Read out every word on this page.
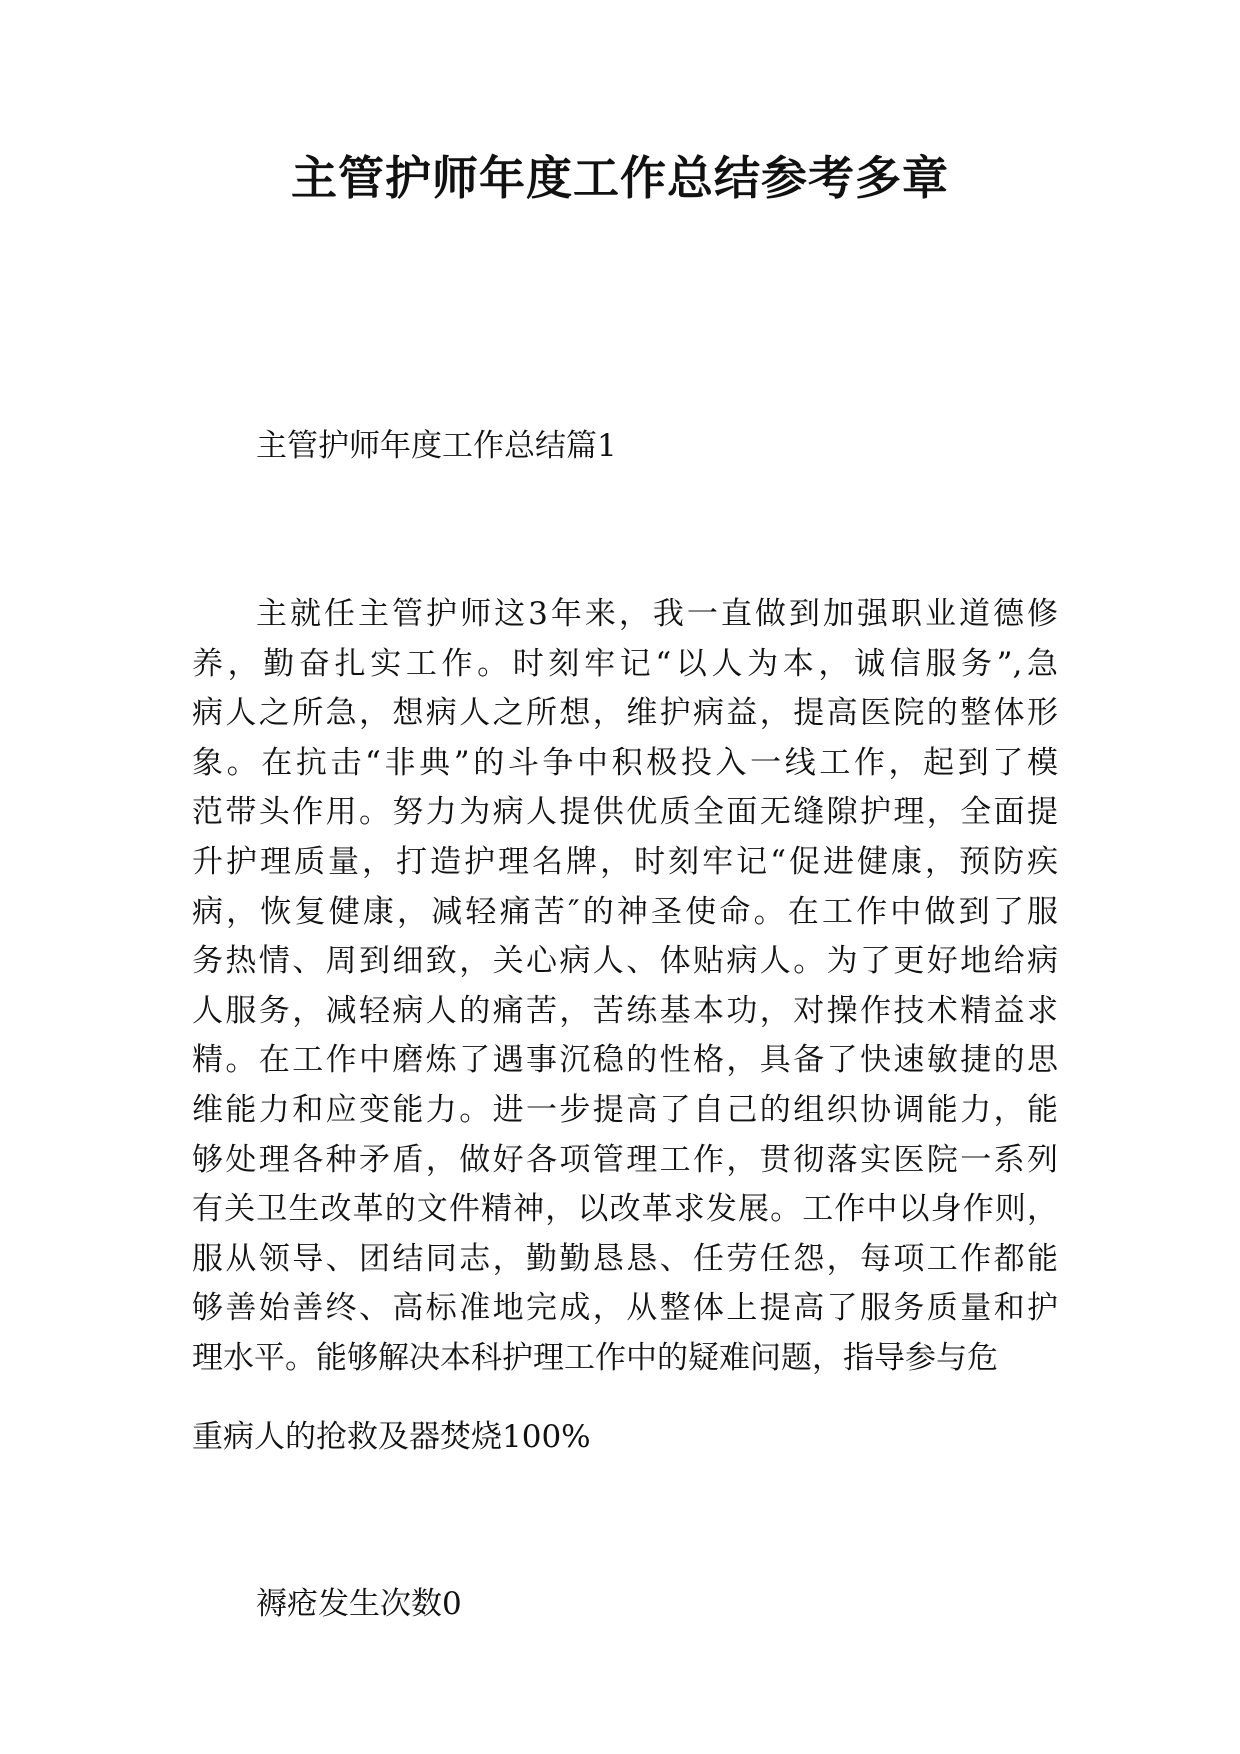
主管护师年度工作总结参考多章

主管护师年度工作总结篇1

主就任主管护师这3年来，我一直做到加强职业道德修
养，勤奋扎实工作。时刻牢记“以人为本，诚信服务”,急
病人之所急，想病人之所想，维护病益，提高医院的整体形
象。在抗击“非典”的斗争中积极投入一线工作，起到了模
范带头作用。努力为病人提供优质全面无缝隙护理，全面提
升护理质量，打造护理名牌，时刻牢记“促进健康，预防疾
病，恢复健康，减轻痛苦″的神圣使命。在工作中做到了服
务热情、周到细致，关心病人、体贴病人。为了更好地给病
人服务，减轻病人的痛苦，苦练基本功，对操作技术精益求
精。在工作中磨炼了遇事沉稳的性格，具备了快速敏捷的思
维能力和应变能力。进一步提高了自己的组织协调能力，能
够处理各种矛盾，做好各项管理工作，贯彻落实医院一系列
有关卫生改革的文件精神，以改革求发展。工作中以身作则，
服从领导、团结同志，勤勤恳恳、任劳任怨，每项工作都能
够善始善终、高标准地完成，从整体上提高了服务质量和护
理水平。能够解决本科护理工作中的疑难问题，指导参与危

重病人的抢救及器焚烧100%

褥疮发生次数0
